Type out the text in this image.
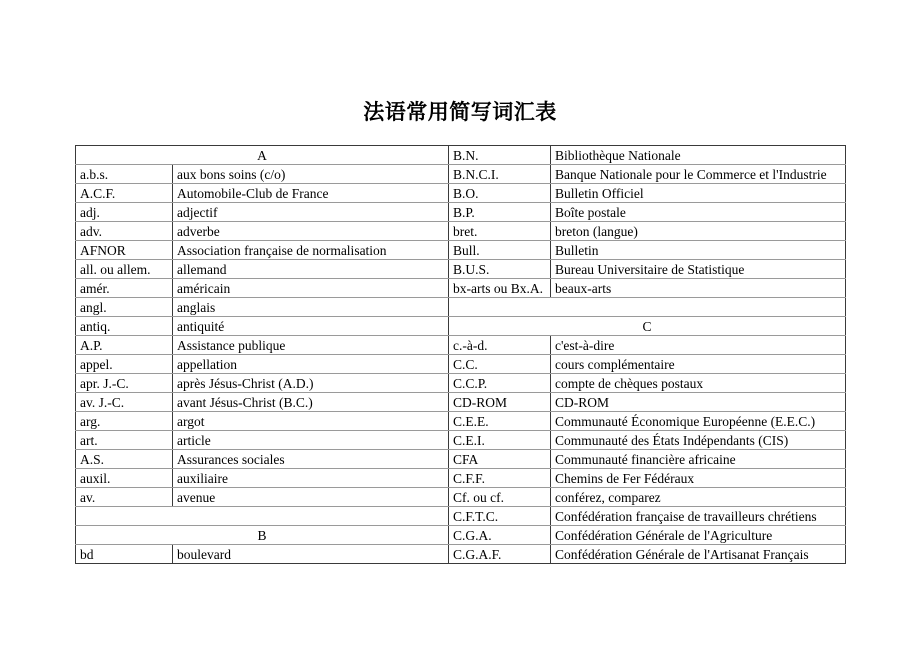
法语常用简写词汇表
A		B.N.	Bibliothèque Nationale
a.b.s.	aux bons soins (c/o)	B.N.C.I.	Banque Nationale pour le Commerce et l'Industrie
A.C.F.	Automobile-Club de France	B.O.	Bulletin Officiel
adj.	adjectif	B.P.	Boîte postale
adv.	adverbe	bret.	breton (langue)
AFNOR	Association française de normalisation	Bull.	Bulletin
all. ou allem.	allemand	B.U.S.	Bureau Universitaire de Statistique
amér.	américain	bx-arts ou Bx.A.	beaux-arts
angl.	anglais		
antiq.	antiquité	C	
A.P.	Assistance publique	c.-à-d.	c'est-à-dire
appel.	appellation	C.C.	cours complémentaire
apr. J.-C.	après Jésus-Christ (A.D.)	C.C.P.	compte de chèques postaux
av. J.-C.	avant Jésus-Christ (B.C.)	CD-ROM	CD-ROM
arg.	argot	C.E.E.	Communauté Économique Européenne (E.E.C.)
art.	article	C.E.I.	Communauté des États Indépendants (CIS)
A.S.	Assurances sociales	CFA	Communauté financière africaine
auxil.	auxiliaire	C.F.F.	Chemins de Fer Fédéraux
av.	avenue	Cf. ou cf.	conférez, comparez
		C.F.T.C.	Confédération française de travailleurs chrétiens
B		C.G.A.	Confédération Générale de l'Agriculture
bd	boulevard	C.G.A.F.	Confédération Générale de l'Artisanat Français
